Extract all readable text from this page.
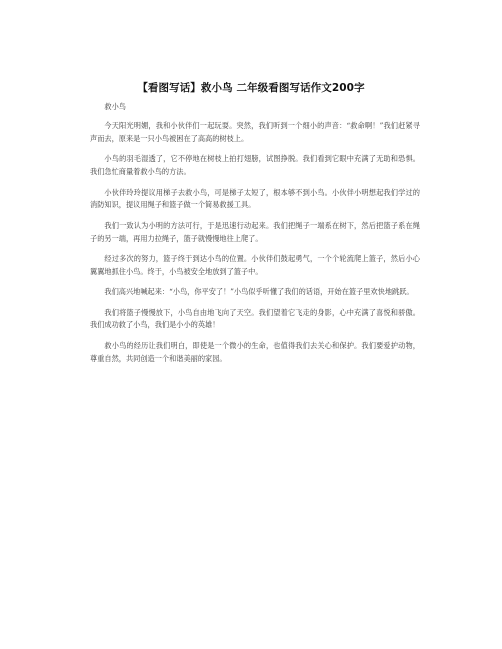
【看图写话】救小鸟 二年级看图写话作文200字

救小鸟

今天阳光明媚，我和小伙伴们一起玩耍。突然，我们听到一个细小的声音：“救命啊！”我们赶紧寻声而去，原来是一只小鸟被困在了高高的树枝上。

小鸟的羽毛湿透了，它不停地在树枝上拍打翅膀，试图挣脱。我们看到它眼中充满了无助和恐惧。我们急忙商量着救小鸟的方法。

小伙伴玲玲提议用梯子去救小鸟，可是梯子太短了，根本够不到小鸟。小伙伴小明想起我们学过的消防知识，提议用绳子和篮子做一个简易救援工具。

我们一致认为小明的方法可行，于是迅速行动起来。我们把绳子一端系在树下，然后把篮子系在绳子的另一端，再用力拉绳子，篮子就慢慢地往上爬了。

经过多次的努力，篮子终于到达小鸟的位置。小伙伴们鼓起勇气，一个个轮流爬上篮子，然后小心翼翼地抓住小鸟。终于，小鸟被安全地放到了篮子中。

我们高兴地喊起来：“小鸟，你平安了！”小鸟似乎听懂了我们的话语，开始在篮子里欢快地跳跃。

我们将篮子慢慢放下，小鸟自由地飞向了天空。我们望着它飞走的身影，心中充满了喜悦和骄傲。我们成功救了小鸟，我们是小小的英雄！

救小鸟的经历让我们明白，即使是一个微小的生命，也值得我们去关心和保护。我们要爱护动物，尊重自然，共同创造一个和谐美丽的家园。
